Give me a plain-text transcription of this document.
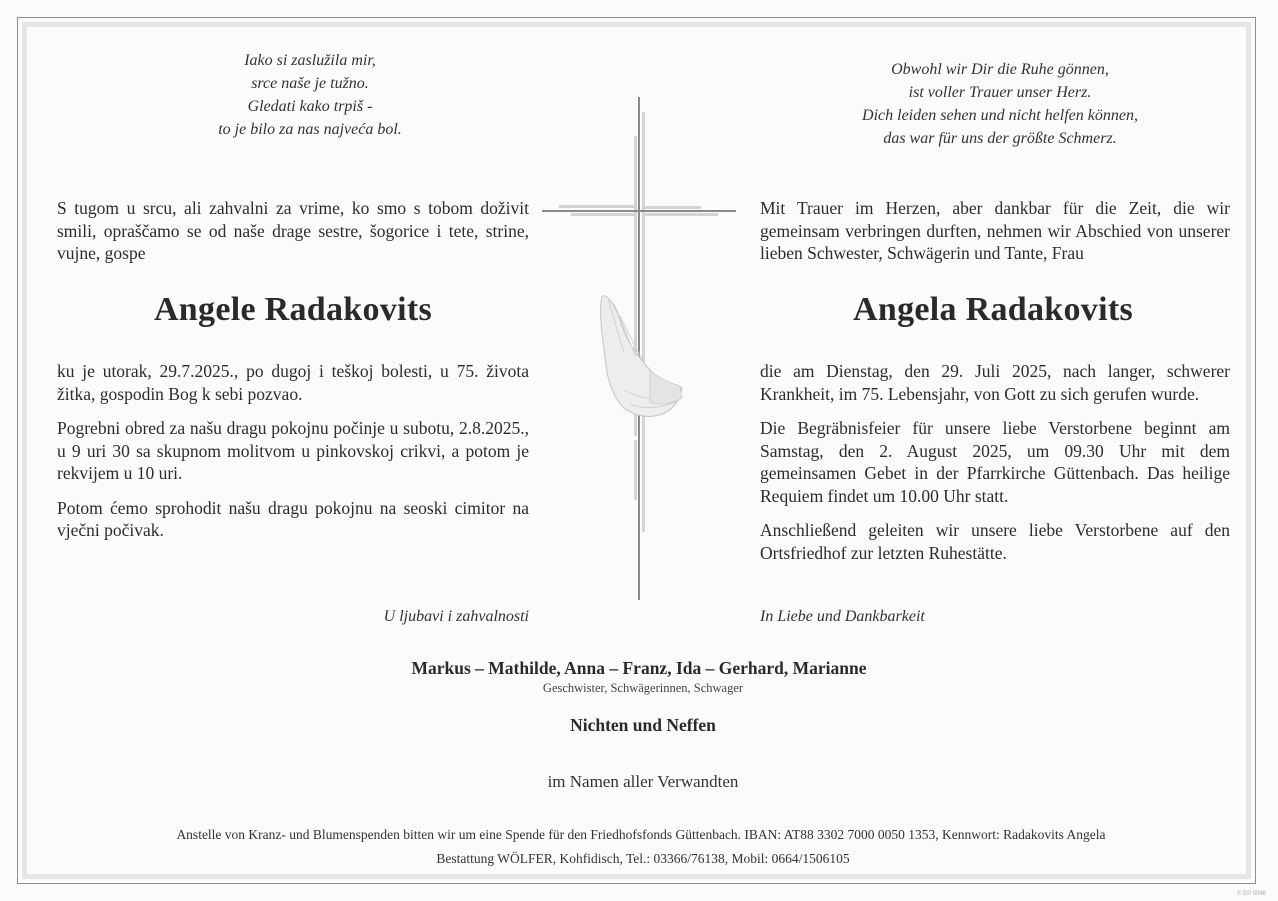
Iako si zaslužila mir,
srce naše je tužno.
Gledati kako trpiš -
to je bilo za nas najveća bol.
Obwohl wir Dir die Ruhe gönnen,
ist voller Trauer unser Herz.
Dich leiden sehen und nicht helfen können,
das war für uns der größte Schmerz.

S tugom u srcu, ali zahvalni za vrime, ko smo s tobom doživit smili, opraščamo se od naše drage sestre, šogorice i tete, strine, vujne, gospe

Angele Radakovits

ku je utorak, 29.7.2025., po dugoj i teškoj bolesti, u 75. života žitka, gospodin Bog k sebi pozvao.

Pogrebni obred za našu dragu pokojnu počinje u subotu, 2.8.2025., u 9 uri 30 sa skupnom molitvom u pinkovskoj crikvi, a potom je rekvijem u 10 uri.

Potom ćemo sprohodit našu dragu pokojnu na seoski cimitor na vječni počivak.

U ljubavi i zahvalnosti

Mit Trauer im Herzen, aber dankbar für die Zeit, die wir gemeinsam verbringen durften, nehmen wir Abschied von unserer lieben Schwester, Schwägerin und Tante, Frau

Angela Radakovits

die am Dienstag, den 29. Juli 2025, nach langer, schwerer Krankheit, im 75. Lebensjahr, von Gott zu sich gerufen wurde.

Die Begräbnisfeier für unsere liebe Verstorbene beginnt am Samstag, den 2. August 2025, um 09.30 Uhr mit dem gemeinsamen Gebet in der Pfarrkirche Güttenbach. Das heilige Requiem findet um 10.00 Uhr statt.

Anschließend geleiten wir unsere liebe Verstorbene auf den Ortsfriedhof zur letzten Ruhestätte.

In Liebe und Dankbarkeit
Markus – Mathilde, Anna – Franz, Ida – Gerhard, Marianne
Geschwister, Schwägerinnen, Schwager
Nichten und Neffen
im Namen aller Verwandten
Anstelle von Kranz- und Blumenspenden bitten wir um eine Spende für den Friedhofsfonds Güttenbach. IBAN: AT88 3302 7000 0050 1353, Kennwort: Radakovits Angela
Bestattung WÖLFER, Kohfidisch, Tel.: 03366/76138, Mobil: 0664/1506105
© EP 9086
